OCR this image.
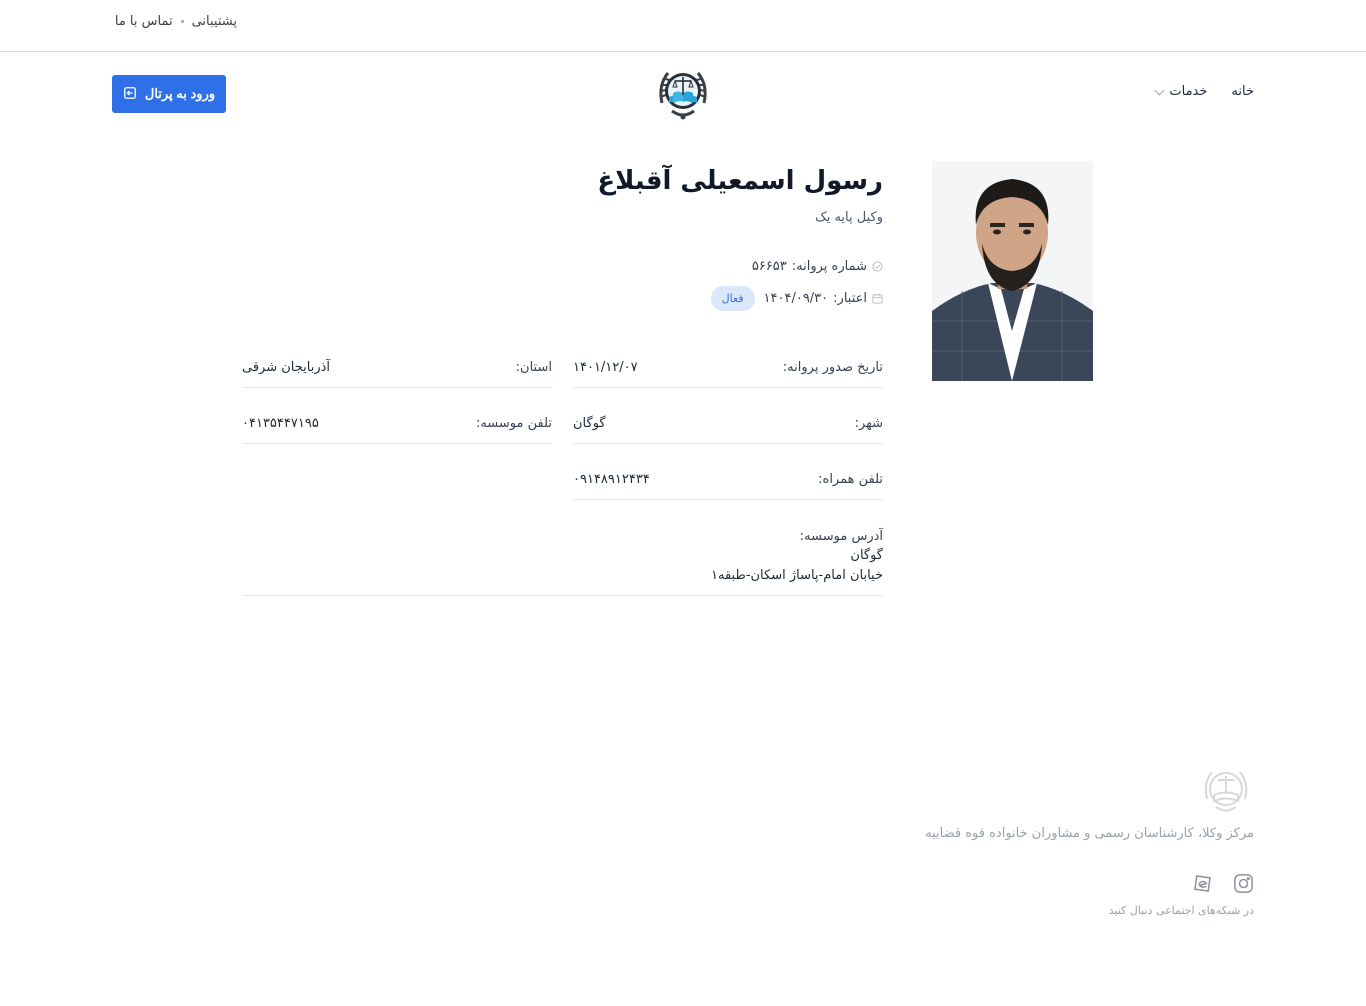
پشتیبانی
تماس با ما
خانه
خدمات
ورود به پرتال
رسول اسمعیلی آقبلاغ
وکیل پایه یک
شماره پروانه:
۵۶۶۵۳
اعتبار:
۱۴۰۴/۰۹/۳۰
فعال
تاریخ صدور پروانه:
۱۴۰۱/۱۲/۰۷
استان:
آذربایجان شرقی
شهر:
گوگان
تلفن موسسه:
۰۴۱۳۵۴۴۷۱۹۵
تلفن همراه:
۰۹۱۴۸۹۱۲۴۳۴
آدرس موسسه:
گوگان
خیابان امام-پاساژ اسکان-طبقه۱
مرکز وکلا، کارشناسان رسمی و مشاوران خانواده قوه قضاییه
در شبکه‌های اجتماعی دنبال کنید
